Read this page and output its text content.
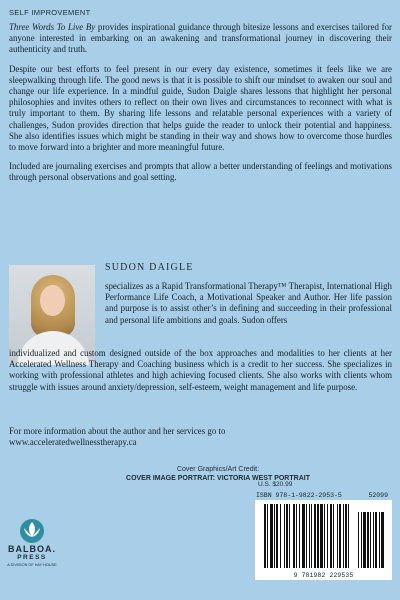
SELF IMPROVEMENT

Three Words To Live By provides inspirational guidance through bitesize lessons and exercises tailored for anyone interested in embarking on an awakening and transformational journey in discovering their authenticity and truth.

Despite our best efforts to feel present in our every day existence, sometimes it feels like we are sleepwalking through life. The good news is that it is possible to shift our mindset to awaken our soul and change our life experience. In a mindful guide, Sudon Daigle shares lessons that highlight her personal philosophies and invites others to reflect on their own lives and circumstances to reconnect with what is truly important to them. By sharing life lessons and relatable personal experiences with a variety of challenges, Sudon provides direction that helps guide the reader to unlock their potential and happiness. She also identifies issues which might be standing in their way and shows how to overcome those hurdles to move forward into a brighter and more meaningful future.

Included are journaling exercises and prompts that allow a better understanding of feelings and motivations through personal observations and goal setting.

SUDON DAIGLE
specializes as a Rapid Transformational Therapy™ Therapist, International High Performance Life Coach, a Motivational Speaker and Author. Her life passion and purpose is to assist other’s in defining and succeeding in their professional and personal life ambitions and goals. Sudon offers
individualized and custom designed outside of the box approaches and modalities to her clients at her Accelerated Wellness Therapy and Coaching business which is a credit to her success. She specializes in working with professional athletes and high achieving focused clients. She also works with clients whom struggle with issues around anxiety/depression, self-esteem, weight management and life purpose.
For more information about the author and her services go to
www.acceleratedwellnesstherapy.ca
Cover Graphics/Art Credit:
COVER IMAGE PORTRAIT: VICTORIA WEST PORTRAIT
BALBOA.
PRESS
A DIVISION OF HAY HOUSE
U.S. $20.99
ISBN 978-1-9822-2953-5	52099
9 781982 229535
